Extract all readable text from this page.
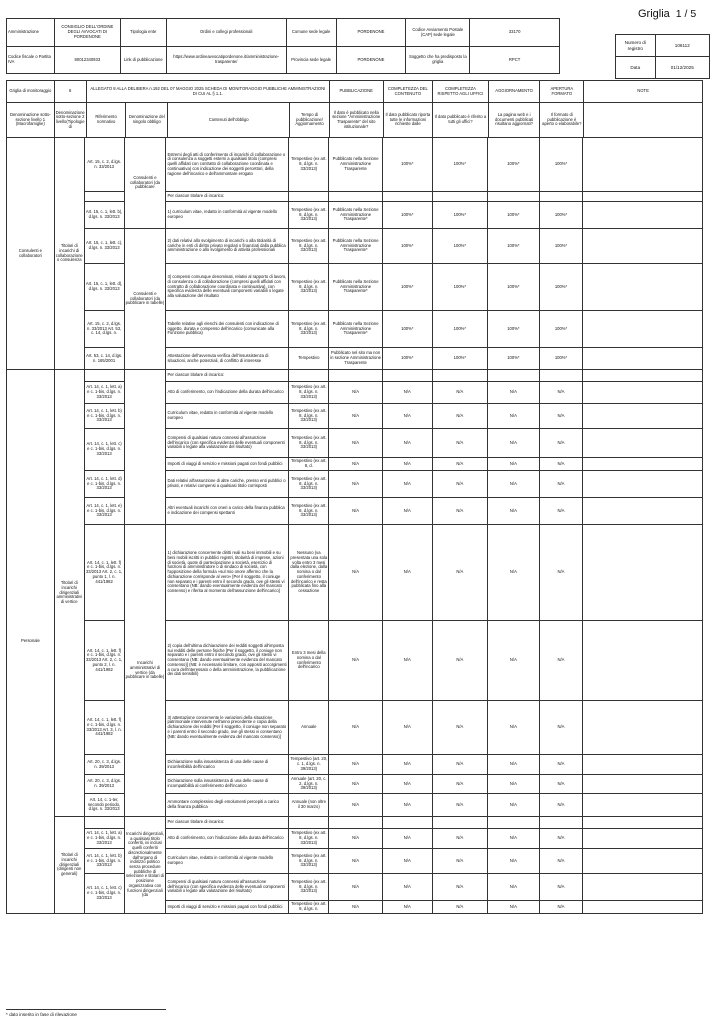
Griglia 1 / 5
Amministrazione	CONSIGLIO DELL'ORDINE DEGLI AVVOCATI DI PORDENONE	Tipologia ente	Ordini e collegi professionali	Comune sede legale	PORDENONE	Codice Avviamento Postale (CAP) sede legale	33170
Codice fiscale o Partita IVA	80012340933	Link di pubblicazione	https://www.ordineavvocatipordenone.it/amministrazione-trasparente/	Provincia sede legale	PORDENONE	Soggetto che ha predisposto la griglia	RPCT
Numero di registro	106112
Data	01/12/2025
Griglia di monitoraggio	6	ALLEGATO 8 ALLA DELIBERA n.192 DEL 07 MAGGIO 2025 SCHEDA DI MONITORAGGIO PUBBLICHE AMMINISTRAZIONI DI CUI AL § 1.1.				PUBBLICAZIONE	COMPLETEZZA DEL CONTENUTO	COMPLETEZZA RISPETTO AGLI UFFICI	AGGIORNAMENTO	APERTURA FORMATO	NOTE
Denominazione sotto-sezione livello 1 (Macrofamiglie)	Denominazione sotto-sezione 2 livello(Tipologie di	Riferimento normativo	Denominazione del singolo obbligo	Contenuti dell'obbligo	Tempo di pubblicazione/ Aggiornamento	Il dato è pubblicato nella sezione "Amministrazione Trasparente" del sito istituzionale?	Il dato pubblicato riporta tutte le informazioni richieste dalle	Il dato pubblicato è riferito a tutti gli uffici?	La pagina web e i documenti pubblicati risultano aggiornati?	Il formato di pubblicazione è aperto o elaborabile?	
Consulenti e collaboratori	Titolari di incarichi di collaborazione o consulenza	Art. 15, c. 2, d.lgs. n. 33/2013	Consulenti e collaboratori (da pubblicare	Estremi degli atti di conferimento di incarichi di collaborazione o di consulenza a soggetti esterni a qualsiasi titolo (compresi quelli affidati con contratto di collaborazione coordinata e continuativa) con indicazione dei soggetti percettori, della ragione dell'incarico e dell'ammontare erogato	Tempestivo (ex art. 8, d.lgs. n. 33/2013)	Pubblicato nella Sezione Amministrazione Trasparente	100%*	100%*	100%*	100%*	
				Per ciascun titolare di incarico:							
		Art. 15, c. 1, lett. b), d.lgs. n. 33/2013		1) curriculum vitae, redatto in conformità al vigente modello europeo	Tempestivo (ex art. 8, d.lgs. n. 33/2013)	Pubblicato nella Sezione Amministrazione Trasparente*	100%*	100%*	100%*	100%*	
		Art. 15, c. 1, lett. c), d.lgs. n. 33/2013	Consulenti e collaboratori (da pubblicare in tabelle)	2) dati relativi allo svolgimento di incarichi o alla titolarità di cariche in enti di diritto privato regolati o finanziati dalla pubblica amministrazione o allo svolgimento di attività professionali	Tempestivo (ex art. 8, d.lgs. n. 33/2013)	Pubblicato nella Sezione Amministrazione Trasparente*	100%*	100%*	100%*	100%*	
		Art. 15, c. 1, lett. d), d.lgs. n. 33/2013		3) compensi comunque denominati, relativi al rapporto di lavoro, di consulenza o di collaborazione (compresi quelli affidati con contratto di collaborazione coordinata e continuativa), con specifica evidenza delle eventuali componenti variabili o legate alla valutazione del risultato	Tempestivo (ex art. 8, d.lgs. n. 33/2013)	Pubblicato nella Sezione Amministrazione Trasparente*	100%*	100%*	100%*	100%*	
		Art. 15, c. 2, d.lgs. n. 33/2013 Art. 53, c. 14, d.lgs. n.		Tabelle relative agli elenchi dei consulenti con indicazione di oggetto, durata e compenso dell'incarico (comunicate alla Funzione pubblica)	Tempestivo (ex art. 8, d.lgs. n. 33/2013)	Pubblicato nella Sezione Amministrazione Trasparente*	100%*	100%*	100%*	100%*	
		Art. 53, c. 14, d.lgs. n. 165/2001		Attestazione dell'avvenuta verifica dell'insussistenza di situazioni, anche potenziali, di conflitto di interesse	Tempestivo	Pubblicato nel sito ma non in sezione Amministrazione Trasparente	100%*	100%*	100%*	100%*	
Personale	Titolari di incarichi dirigenziali amministrativi di vertice			Per ciascun titolare di incarico:							
		Art. 14, c. 1, lett. a) e c. 1-bis, d.lgs. n. 33/2013		Atto di conferimento, con l'indicazione della durata dell'incarico	Tempestivo (ex art. 8, d.lgs. n. 33/2013)	N/A	N/A	N/A	N/A	N/A	
		Art. 14, c. 1, lett. b) e c. 1-bis, d.lgs. n. 33/2013		Curriculum vitae, redatto in conformità al vigente modello europeo	Tempestivo (ex art. 8, d.lgs. n. 33/2013)	N/A	N/A	N/A	N/A	N/A	
		Art. 14, c. 1, lett. c) e c. 1-bis, d.lgs. n. 33/2013		Compensi di qualsiasi natura connessi all'assunzione dell'incarico (con specifica evidenza delle eventuali componenti variabili o legate alla valutazione del risultato)	Tempestivo (ex art. 8, d.lgs. n. 33/2013)	N/A	N/A	N/A	N/A	N/A	
				Importi di viaggi di servizio e missioni pagati con fondi pubblici	Tempestivo (ex art. 8, d.	N/A	N/A	N/A	N/A	N/A	
		Art. 14, c. 1, lett. d) e c. 1-bis, d.lgs. n. 33/2013		Dati relativi all'assunzione di altre cariche, presso enti pubblici o privati, e relativi compensi a qualsiasi titolo corrisposti	Tempestivo (ex art. 8, d.lgs. n. 33/2013)	N/A	N/A	N/A	N/A	N/A	
		Art. 14, c. 1, lett. e) e c. 1-bis, d.lgs. n. 33/2013		Altri eventuali incarichi con oneri a carico della finanza pubblica e indicazione dei compensi spettanti	Tempestivo (ex art. 8, d.lgs. n. 33/2013)	N/A	N/A	N/A	N/A	N/A	
		Art. 14, c. 1, lett. f) e c. 1-bis, d.lgs. n. 33/2013 Art. 2, c. 1, punto 1, l. n. 441/1982	Incarichi amministrativi di vertice (da pubblicare in tabelle)	1) dichiarazione concernente diritti reali su beni immobili e su beni mobili iscritti in pubblici registri, titolarità di imprese, azioni di società, quote di partecipazione a società, esercizio di funzioni di amministratore o di sindaco di società, con l'apposizione della formula «sul mio onore affermo che la dichiarazione corrisponde al vero» [Per il soggetto, il coniuge non separato e i parenti entro il secondo grado, ove gli stessi vi consentano (NB: dando eventualmente evidenza del mancato consenso) e riferita al momento dell'assunzione dell'incarico]	Nessuno (va presentata una sola volta entro 3 mesi dalla elezione, dalla nomina o dal conferimento dell'incarico e resta pubblicata fino alla cessazione	N/A	N/A	N/A	N/A	N/A	
		Art. 14, c. 1, lett. f) e c. 1-bis, d.lgs. n. 33/2013 Art. 2, c. 1, punto 2, l. n. 441/1982		2) copia dell'ultima dichiarazione dei redditi soggetti all'imposta sui redditi delle persone fisiche [Per il soggetto, il coniuge non separato e i parenti entro il secondo grado, ove gli stessi vi consentano (NB: dando eventualmente evidenza del mancato consenso)] (NB: è necessario limitare, con appositi accorgimenti a cura dell'interessato o della amministrazione, la pubblicazione dei dati sensibili)	Entro 3 mesi della nomina o dal conferimento dell'incarico	N/A	N/A	N/A	N/A	N/A	
		Art. 14, c. 1, lett. f) e c. 1-bis, d.lgs. n. 33/2013 Art. 3, l. n. 441/1982		3) attestazione concernente le variazioni della situazione patrimoniale intervenute nell'anno precedente e copia della dichiarazione dei redditi [Per il soggetto, il coniuge non separato e i parenti entro il secondo grado, ove gli stessi vi consentano (NB: dando eventualmente evidenza del mancato consenso)]	Annuale	N/A	N/A	N/A	N/A	N/A	
		Art. 20, c. 3, d.lgs. n. 39/2013		Dichiarazione sulla insussistenza di una delle cause di inconferibilità dell'incarico	Tempestivo (art. 20, c. 1, d.lgs. n. 39/2013)	N/A	N/A	N/A	N/A	N/A	
		Art. 20, c. 3, d.lgs. n. 39/2013		Dichiarazione sulla insussistenza di una delle cause di incompatibilità al conferimento dell'incarico	Annuale (art. 20, c. 2, d.lgs. n. 39/2013)	N/A	N/A	N/A	N/A	N/A	
		Art. 14, c. 1-ter, secondo periodo, d.lgs. n. 33/2013		Ammontare complessivo degli emolumenti percepiti a carico della finanza pubblica	Annuale (non oltre il 30 marzo)	N/A	N/A	N/A	N/A	N/A	
	Titolari di incarichi dirigenziali (dirigenti non generali)		Incarichi dirigenziali, a qualsiasi titolo conferiti, ivi inclusi quelli conferiti discrezionalmente dall'organo di indirizzo politico senza procedure pubbliche di selezione e titolari di posizione organizzativa con funzioni dirigenziali (da	Per ciascun titolare di incarico:							
		Art. 14, c. 1, lett. a) e c. 1-bis, d.lgs. n. 33/2013		Atto di conferimento, con l'indicazione della durata dell'incarico	Tempestivo (ex art. 8, d.lgs. n. 33/2013)	N/A	N/A	N/A	N/A	N/A	
		Art. 14, c. 1, lett. b) e c. 1-bis, d.lgs. n. 33/2013		Curriculum vitae, redatto in conformità al vigente modello europeo	Tempestivo (ex art. 8, d.lgs. n. 33/2013)	N/A	N/A	N/A	N/A	N/A	
		Art. 14, c. 1, lett. c) e c. 1-bis, d.lgs. n. 33/2013		Compensi di qualsiasi natura connessi all'assunzione dell'incarico (con specifica evidenza delle eventuali componenti variabili o legate alla valutazione del risultato)	Tempestivo (ex art. 8, d.lgs. n. 33/2013)	N/A	N/A	N/A	N/A	N/A	
				Importi di viaggi di servizio e missioni pagati con fondi pubblici	Tempestivo (ex art. 8, d.lgs. n.	N/A	N/A	N/A	N/A	N/A	
* dato inserito in fase di rilevazione
